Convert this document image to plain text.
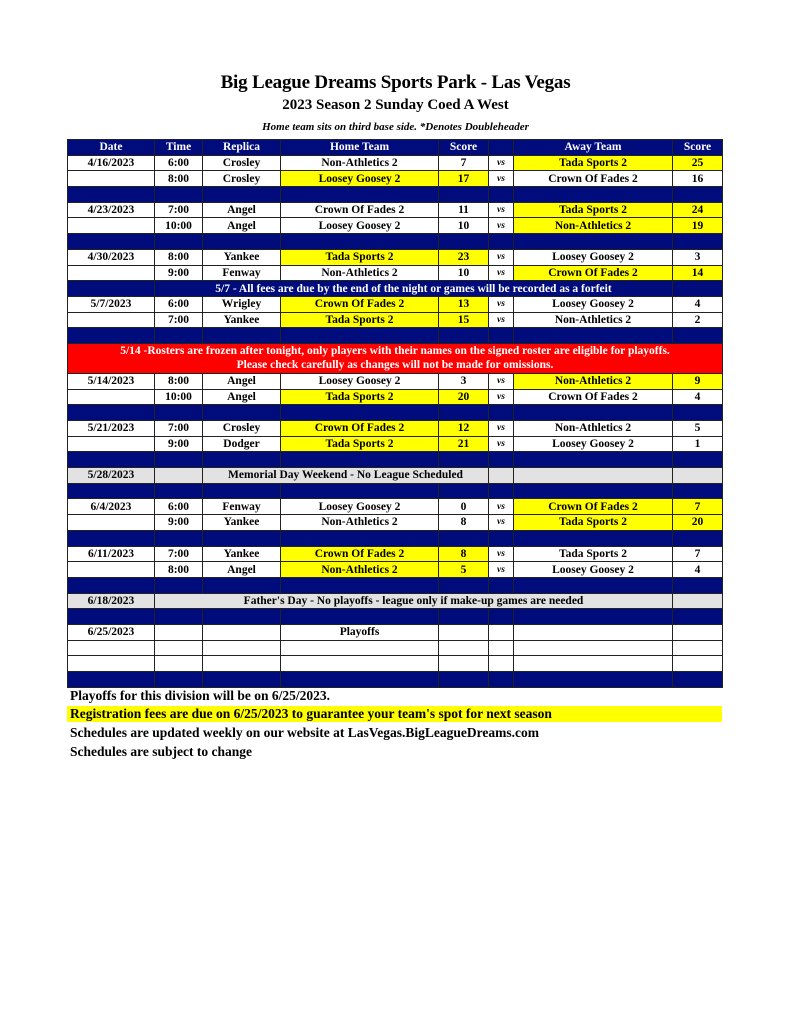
Big League Dreams Sports Park - Las Vegas
2023 Season 2 Sunday Coed A West
Home team sits on third base side. *Denotes Doubleheader
Date	Time	Replica	Home Team	Score		Away Team	Score
4/16/2023	6:00	Crosley	Non-Athletics 2	7	vs	Tada Sports 2	25
	8:00	Crosley	Loosey Goosey 2	17	vs	Crown Of Fades 2	16

4/23/2023	7:00	Angel	Crown Of Fades 2	11	vs	Tada Sports 2	24
	10:00	Angel	Loosey Goosey 2	10	vs	Non-Athletics 2	19

4/30/2023	8:00	Yankee	Tada Sports 2	23	vs	Loosey Goosey 2	3
	9:00	Fenway	Non-Athletics 2	10	vs	Crown Of Fades 2	14
	5/7 - All fees are due by the end of the night or games will be recorded as a forfeit						
5/7/2023	6:00	Wrigley	Crown Of Fades 2	13	vs	Loosey Goosey 2	4
	7:00	Yankee	Tada Sports 2	15	vs	Non-Athletics 2	2

5/14 -Rosters are frozen after tonight, only players with their names on the signed roster are eligible for playoffs.
Please check carefully as changes will not be made for omissions.							

5/14/2023	8:00	Angel	Loosey Goosey 2	3	vs	Non-Athletics 2	9
	10:00	Angel	Tada Sports 2	20	vs	Crown Of Fades 2	4

5/21/2023	7:00	Crosley	Crown Of Fades 2	12	vs	Non-Athletics 2	5
	9:00	Dodger	Tada Sports 2	21	vs	Loosey Goosey 2	1

5/28/2023		Memorial Day Weekend - No League Scheduled					

6/4/2023	6:00	Fenway	Loosey Goosey 2	0	vs	Crown Of Fades 2	7
	9:00	Yankee	Non-Athletics 2	8	vs	Tada Sports 2	20

6/11/2023	7:00	Yankee	Crown Of Fades 2	8	vs	Tada Sports 2	7
	8:00	Angel	Non-Athletics 2	5	vs	Loosey Goosey 2	4

6/18/2023	Father's Day - No playoffs - league only if make-up games are needed						

6/25/2023			Playoffs				

Playoffs for this division will be on 6/25/2023.
Registration fees are due on 6/25/2023 to guarantee your team's spot for next season
Schedules are updated weekly on our website at LasVegas.BigLeagueDreams.com
Schedules are subject to change
